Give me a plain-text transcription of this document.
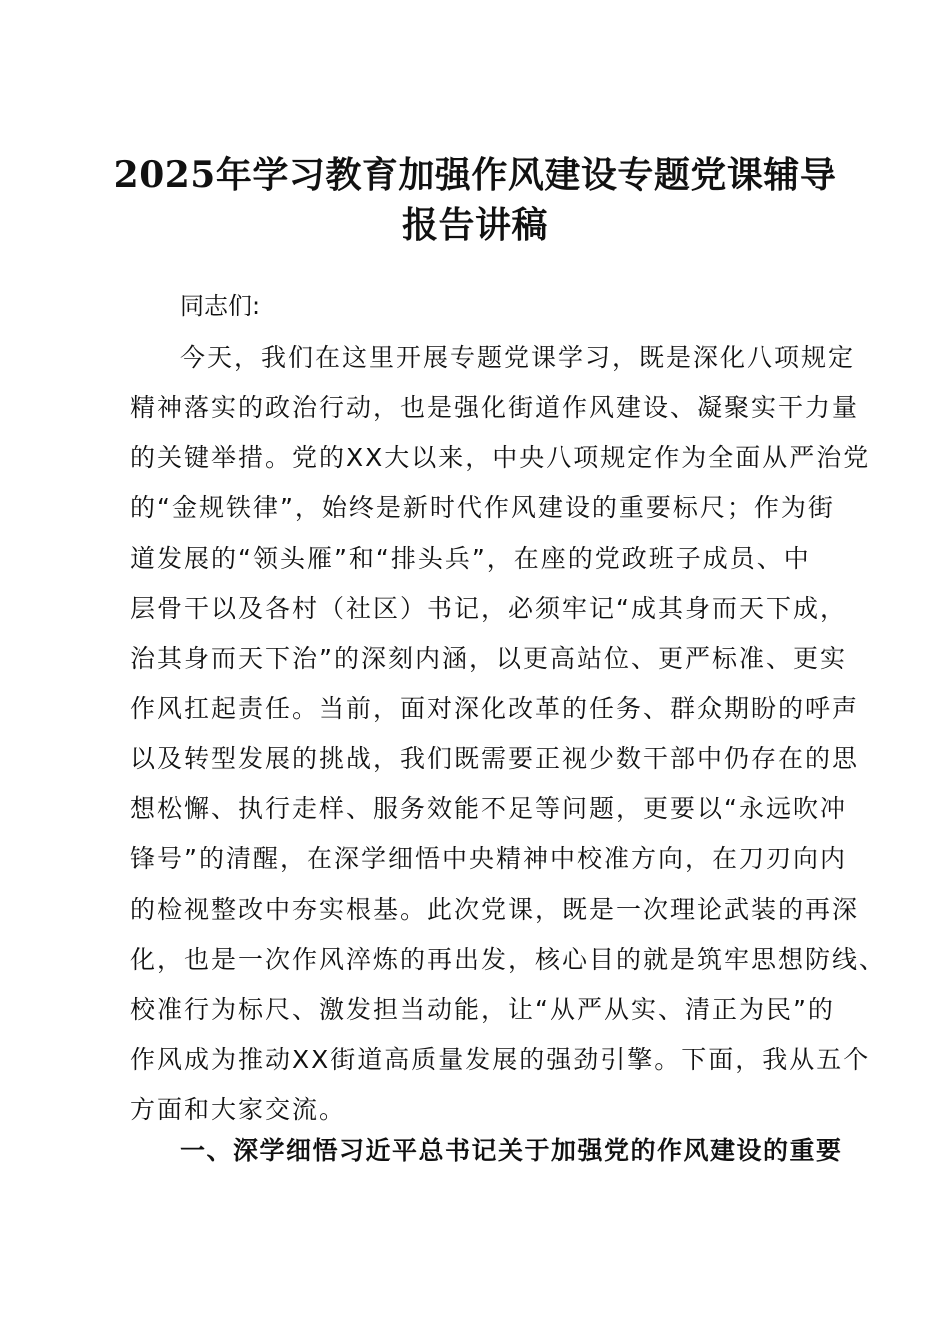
2025年学习教育加强作风建设专题党课辅导
报告讲稿
同志们:
今天，我们在这里开展专题党课学习，既是深化八项规定
精神落实的政治行动，也是强化街道作风建设、凝聚实干力量
的关键举措。党的XX大以来，中央八项规定作为全面从严治党
的“金规铁律”，始终是新时代作风建设的重要标尺；作为街
道发展的“领头雁”和“排头兵”，在座的党政班子成员、中
层骨干以及各村（社区）书记，必须牢记“成其身而天下成，
治其身而天下治”的深刻内涵，以更高站位、更严标准、更实
作风扛起责任。当前，面对深化改革的任务、群众期盼的呼声
以及转型发展的挑战，我们既需要正视少数干部中仍存在的思
想松懈、执行走样、服务效能不足等问题，更要以“永远吹冲
锋号”的清醒，在深学细悟中央精神中校准方向，在刀刃向内
的检视整改中夯实根基。此次党课，既是一次理论武装的再深
化，也是一次作风淬炼的再出发，核心目的就是筑牢思想防线、
校准行为标尺、激发担当动能，让“从严从实、清正为民”的
作风成为推动XX街道高质量发展的强劲引擎。下面，我从五个
方面和大家交流。
一、深学细悟习近平总书记关于加强党的作风建设的重要
